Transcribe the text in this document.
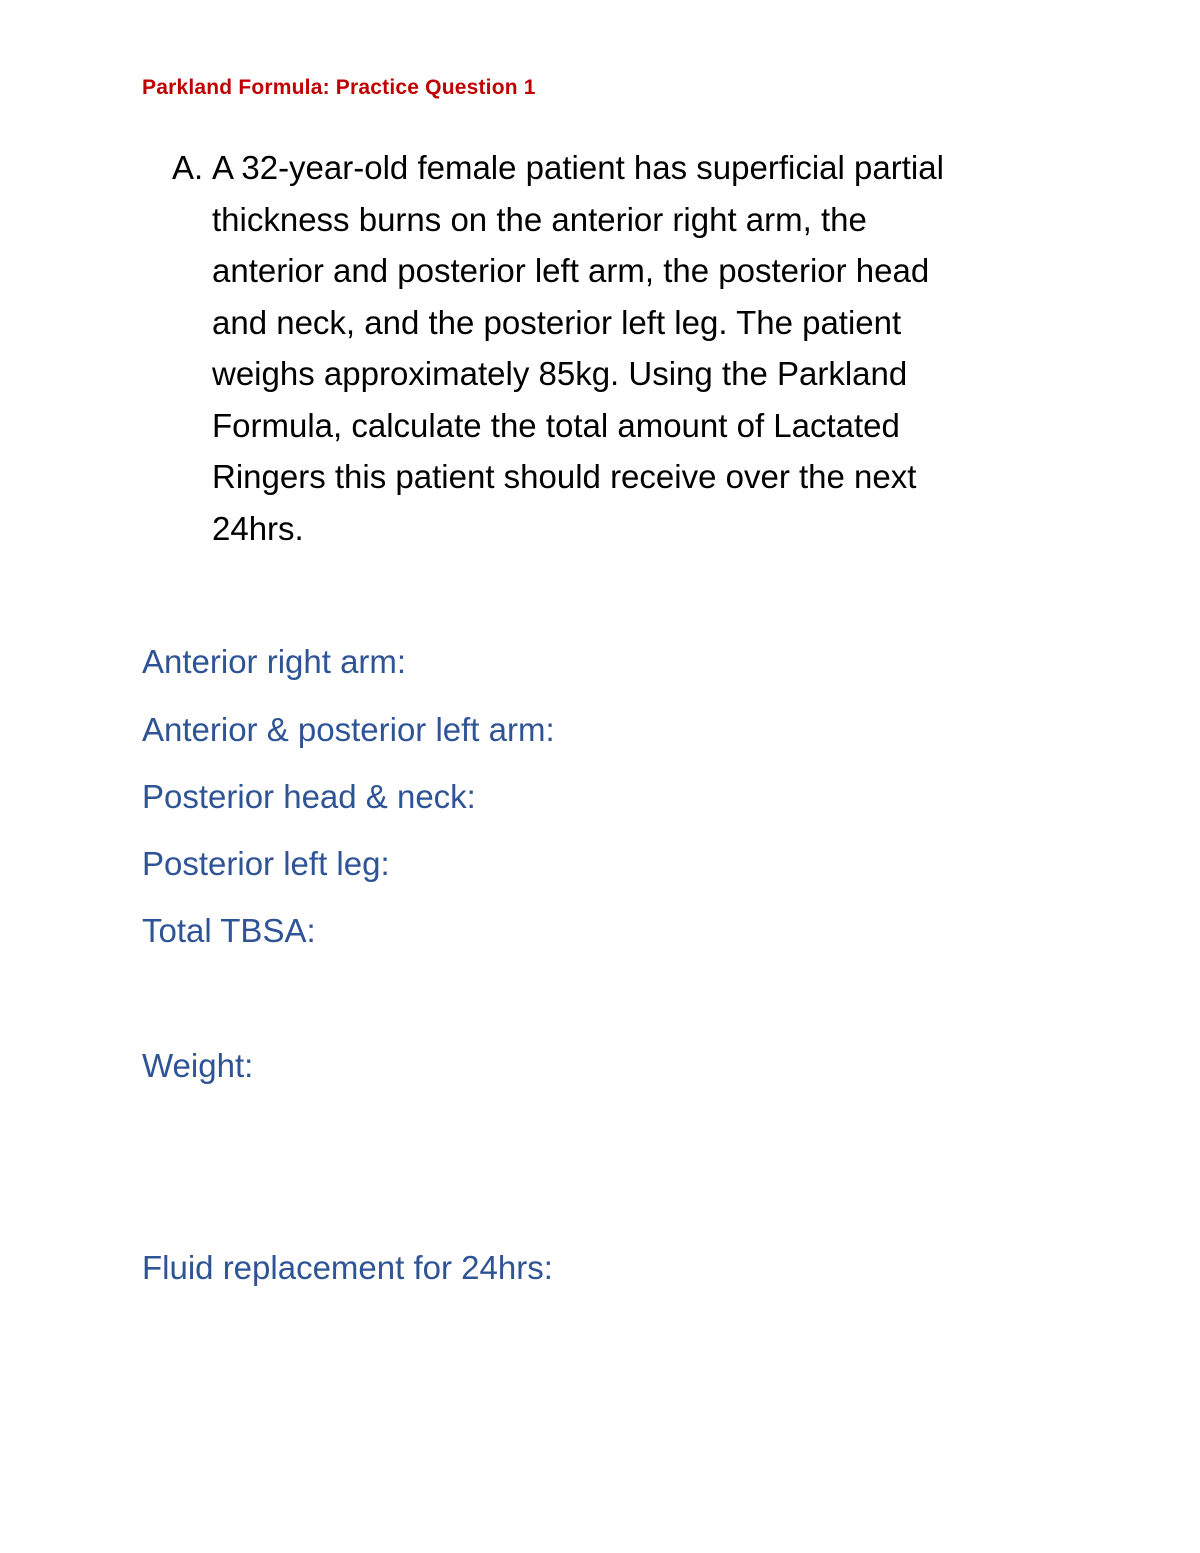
Parkland Formula: Practice Question 1
A. A 32-year-old female patient has superficial partial
thickness burns on the anterior right arm, the
anterior and posterior left arm, the posterior head
and neck, and the posterior left leg. The patient
weighs approximately 85kg. Using the Parkland
Formula, calculate the total amount of Lactated
Ringers this patient should receive over the next
24hrs.

Anterior right arm:
Anterior & posterior left arm:
Posterior head & neck:
Posterior left leg:
Total TBSA:
Weight:
Fluid replacement for 24hrs:
